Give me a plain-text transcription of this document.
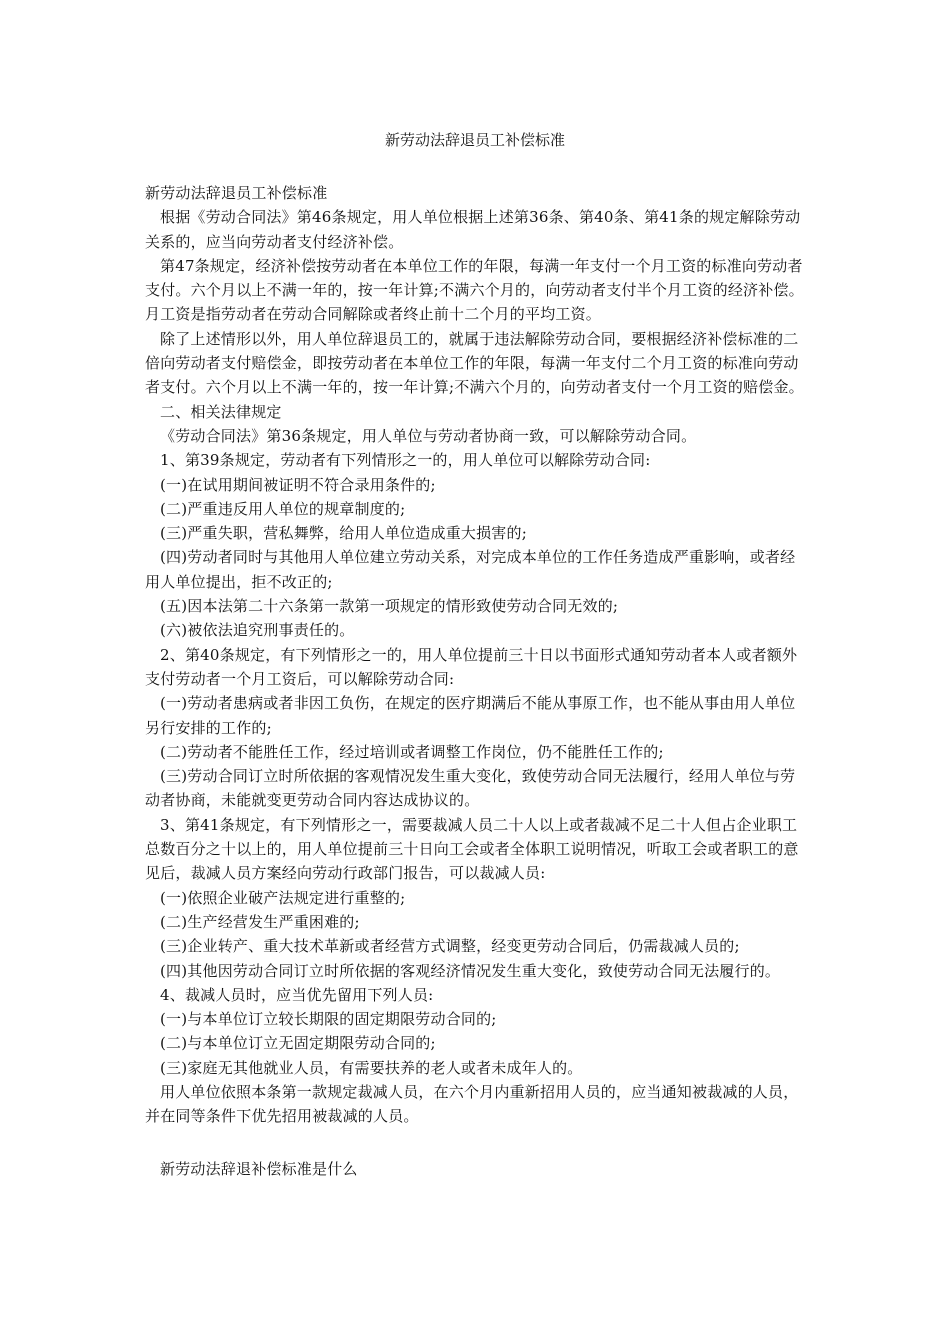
新劳动法辞退员工补偿标准

新劳动法辞退员工补偿标准

根据《劳动合同法》第46条规定，用人单位根据上述第36条、第40条、第41条的规定解除劳动关系的，应当向劳动者支付经济补偿。

第47条规定，经济补偿按劳动者在本单位工作的年限，每满一年支付一个月工资的标准向劳动者支付。六个月以上不满一年的，按一年计算;不满六个月的，向劳动者支付半个月工资的经济补偿。月工资是指劳动者在劳动合同解除或者终止前十二个月的平均工资。

除了上述情形以外，用人单位辞退员工的，就属于违法解除劳动合同，要根据经济补偿标准的二倍向劳动者支付赔偿金，即按劳动者在本单位工作的年限，每满一年支付二个月工资的标准向劳动者支付。六个月以上不满一年的，按一年计算;不满六个月的，向劳动者支付一个月工资的赔偿金。

二、相关法律规定

《劳动合同法》第36条规定，用人单位与劳动者协商一致，可以解除劳动合同。

1、第39条规定，劳动者有下列情形之一的，用人单位可以解除劳动合同:

(一)在试用期间被证明不符合录用条件的;

(二)严重违反用人单位的规章制度的;

(三)严重失职，营私舞弊，给用人单位造成重大损害的;

(四)劳动者同时与其他用人单位建立劳动关系，对完成本单位的工作任务造成严重影响，或者经用人单位提出，拒不改正的;

(五)因本法第二十六条第一款第一项规定的情形致使劳动合同无效的;

(六)被依法追究刑事责任的。

2、第40条规定，有下列情形之一的，用人单位提前三十日以书面形式通知劳动者本人或者额外支付劳动者一个月工资后，可以解除劳动合同:

(一)劳动者患病或者非因工负伤，在规定的医疗期满后不能从事原工作，也不能从事由用人单位另行安排的工作的;

(二)劳动者不能胜任工作，经过培训或者调整工作岗位，仍不能胜任工作的;

(三)劳动合同订立时所依据的客观情况发生重大变化，致使劳动合同无法履行，经用人单位与劳动者协商，未能就变更劳动合同内容达成协议的。

3、第41条规定，有下列情形之一，需要裁减人员二十人以上或者裁减不足二十人但占企业职工总数百分之十以上的，用人单位提前三十日向工会或者全体职工说明情况，听取工会或者职工的意见后，裁减人员方案经向劳动行政部门报告，可以裁减人员:

(一)依照企业破产法规定进行重整的;

(二)生产经营发生严重困难的;

(三)企业转产、重大技术革新或者经营方式调整，经变更劳动合同后，仍需裁减人员的;

(四)其他因劳动合同订立时所依据的客观经济情况发生重大变化，致使劳动合同无法履行的。

4、裁减人员时，应当优先留用下列人员:

(一)与本单位订立较长期限的固定期限劳动合同的;

(二)与本单位订立无固定期限劳动合同的;

(三)家庭无其他就业人员，有需要扶养的老人或者未成年人的。

用人单位依照本条第一款规定裁减人员，在六个月内重新招用人员的，应当通知被裁减的人员，并在同等条件下优先招用被裁减的人员。

新劳动法辞退补偿标准是什么
